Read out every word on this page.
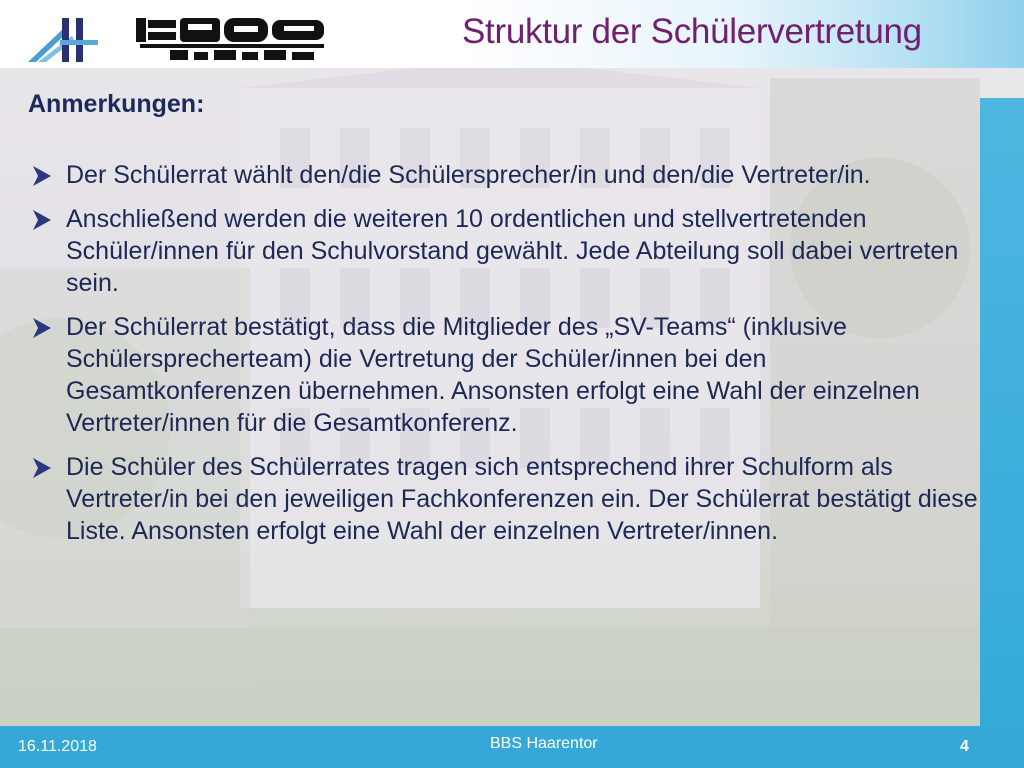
Struktur der Schülervertretung
Anmerkungen:
Der Schülerrat wählt den/die Schülersprecher/in und den/die Vertreter/in.
Anschließend werden die weiteren 10 ordentlichen und stellvertretenden Schüler/innen für den Schulvorstand gewählt. Jede Abteilung soll dabei vertreten sein.
Der Schülerrat bestätigt, dass die Mitglieder des „SV-Teams“ (inklusive Schülersprecherteam) die Vertretung der Schüler/innen bei den Gesamtkonferenzen übernehmen. Ansonsten erfolgt eine Wahl der einzelnen Vertreter/innen für die Gesamtkonferenz.
Die Schüler des Schülerrates tragen sich entsprechend ihrer Schulform als Vertreter/in bei den jeweiligen Fachkonferenzen ein. Der Schülerrat bestätigt diese Liste. Ansonsten erfolgt eine Wahl der einzelnen Vertreter/innen.
16.11.2018	BBS Haarentor	4
